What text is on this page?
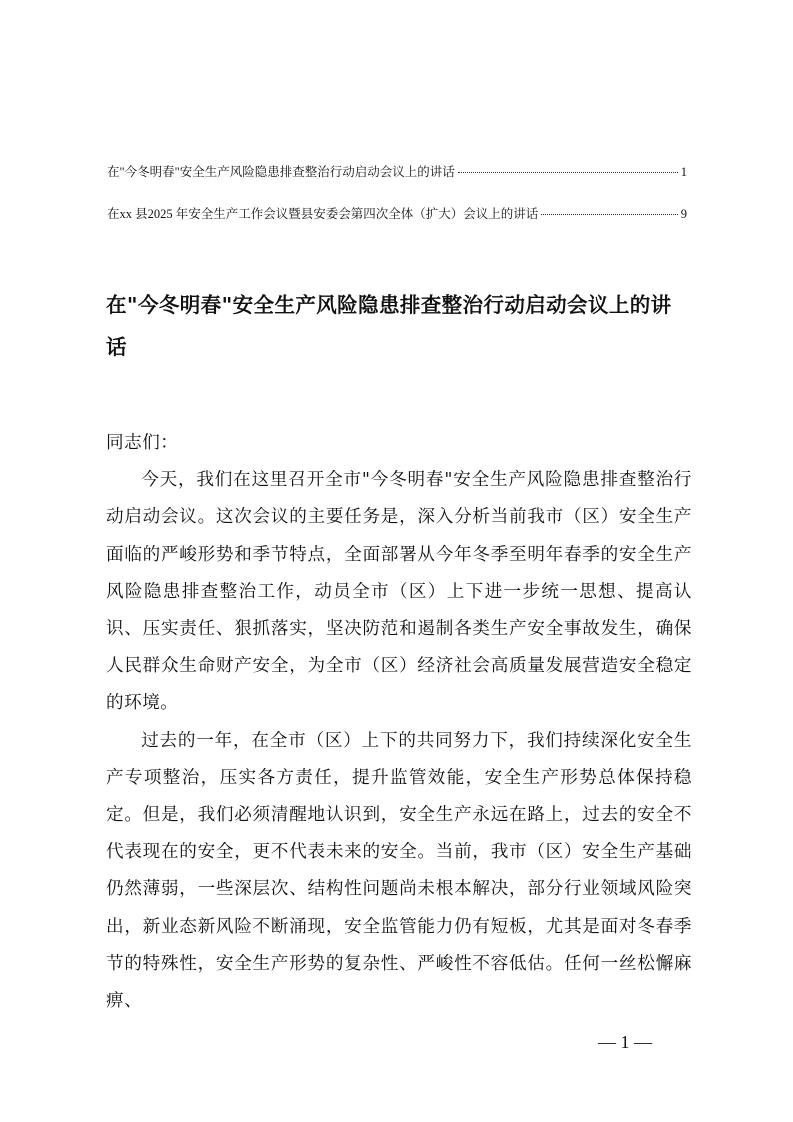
在"今冬明春"安全生产风险隐患排查整治行动启动会议上的讲话	1
在xx 县2025 年安全生产工作会议暨县安委会第四次全体（扩大）会议上的讲话	9
在"今冬明春"安全生产风险隐患排查整治行动启动会议上的讲话

同志们：

今天，我们在这里召开全市"今冬明春"安全生产风险隐患排查整治行动启动会议。这次会议的主要任务是，深入分析当前我市（区）安全生产面临的严峻形势和季节特点，全面部署从今年冬季至明年春季的安全生产风险隐患排查整治工作，动员全市（区）上下进一步统一思想、提高认识、压实责任、狠抓落实，坚决防范和遏制各类生产安全事故发生，确保人民群众生命财产安全，为全市（区）经济社会高质量发展营造安全稳定的环境。

过去的一年，在全市（区）上下的共同努力下，我们持续深化安全生产专项整治，压实各方责任，提升监管效能，安全生产形势总体保持稳定。但是，我们必须清醒地认识到，安全生产永远在路上，过去的安全不代表现在的安全，更不代表未来的安全。当前，我市（区）安全生产基础仍然薄弱，一些深层次、结构性问题尚未根本解决，部分行业领域风险突出，新业态新风险不断涌现，安全监管能力仍有短板，尤其是面对冬春季节的特殊性，安全生产形势的复杂性、严峻性不容低估。任何一丝松懈麻痹、

— 1 —
